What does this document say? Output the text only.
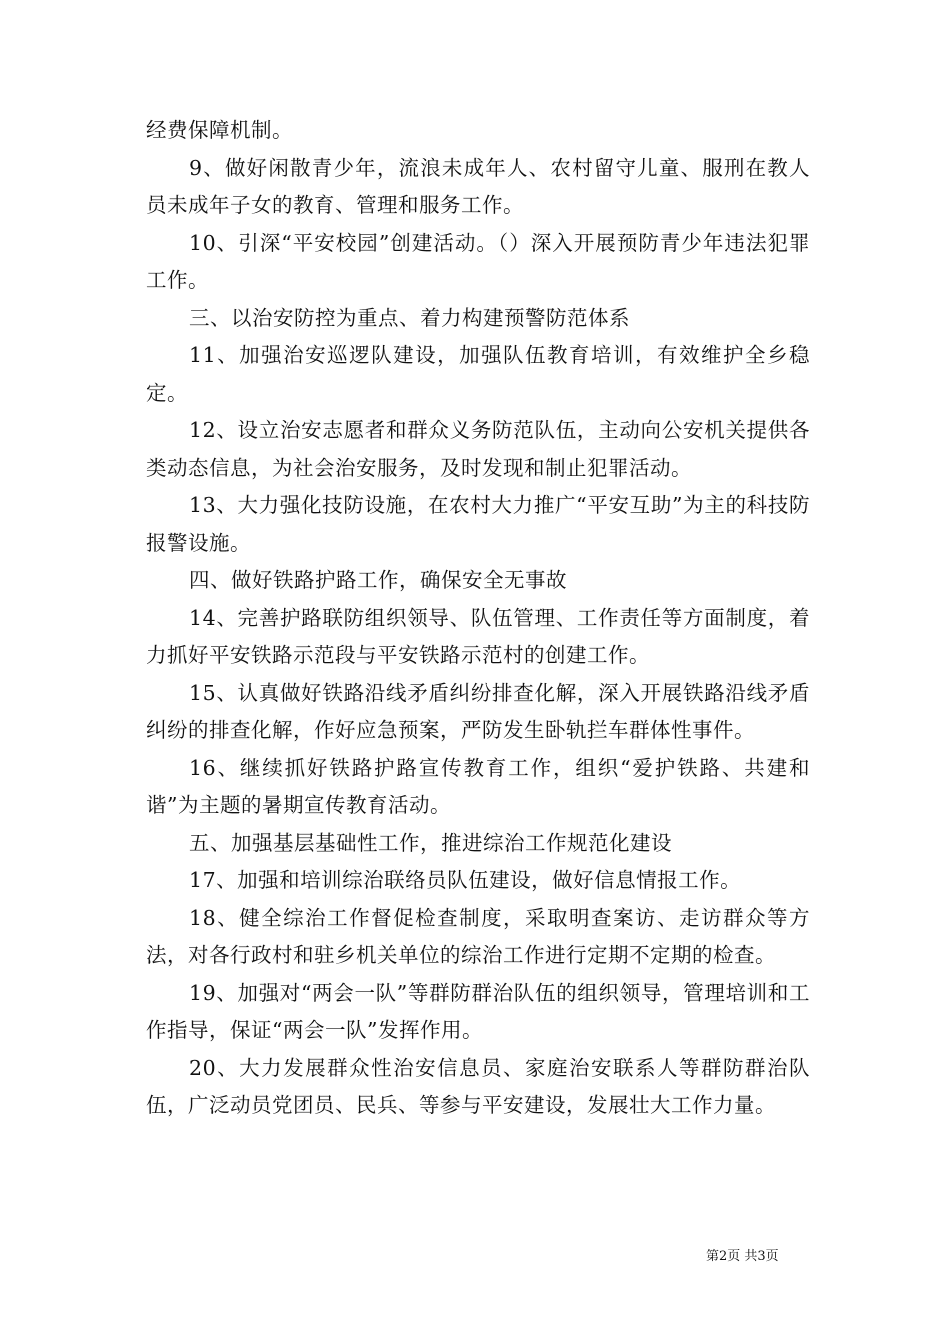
经费保障机制。

9、做好闲散青少年，流浪未成年人、农村留守儿童、服刑在教人员未成年子女的教育、管理和服务工作。

10、引深“平安校园”创建活动。（）深入开展预防青少年违法犯罪工作。

三、以治安防控为重点、着力构建预警防范体系

11、加强治安巡逻队建设，加强队伍教育培训，有效维护全乡稳定。

12、设立治安志愿者和群众义务防范队伍，主动向公安机关提供各类动态信息，为社会治安服务，及时发现和制止犯罪活动。

13、大力强化技防设施，在农村大力推广“平安互助”为主的科技防报警设施。

四、做好铁路护路工作，确保安全无事故

14、完善护路联防组织领导、队伍管理、工作责任等方面制度，着力抓好平安铁路示范段与平安铁路示范村的创建工作。

15、认真做好铁路沿线矛盾纠纷排查化解，深入开展铁路沿线矛盾纠纷的排查化解，作好应急预案，严防发生卧轨拦车群体性事件。

16、继续抓好铁路护路宣传教育工作，组织“爱护铁路、共建和谐”为主题的暑期宣传教育活动。

五、加强基层基础性工作，推进综治工作规范化建设

17、加强和培训综治联络员队伍建设，做好信息情报工作。

18、健全综治工作督促检查制度，采取明查案访、走访群众等方法，对各行政村和驻乡机关单位的综治工作进行定期不定期的检查。

19、加强对“两会一队”等群防群治队伍的组织领导，管理培训和工作指导，保证“两会一队”发挥作用。

20、大力发展群众性治安信息员、家庭治安联系人等群防群治队伍，广泛动员党团员、民兵、等参与平安建设，发展壮大工作力量。

第2页 共3页
